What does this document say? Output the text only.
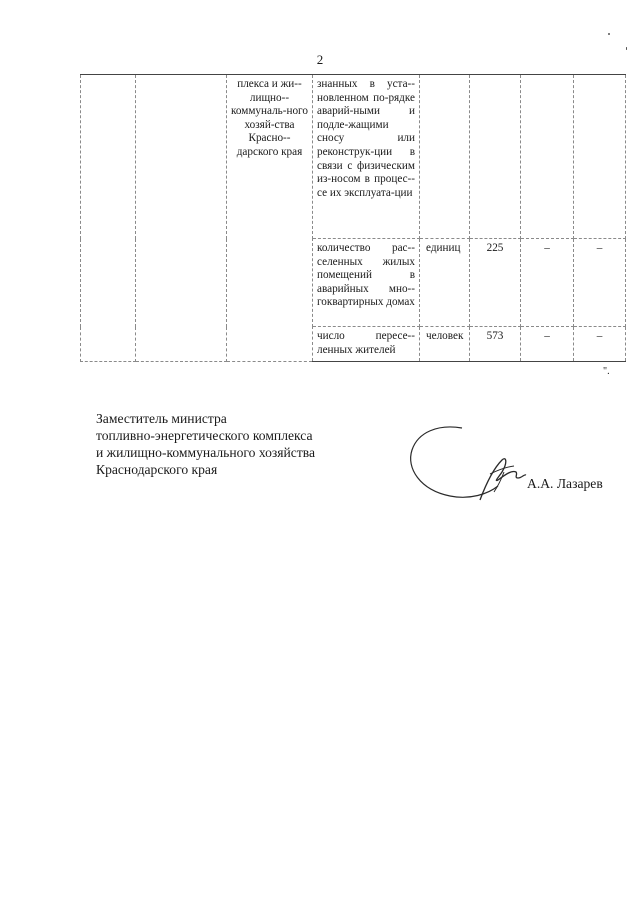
2
		плекса и жи-лищно-коммуналь-ного хозяй-ства Красно-дарского края	знанных в уста-новленном по-рядке аварий-ными и подле-жащими сносу или реконструк-ции в связи с физическим из-носом в процес-се их эксплуата-ции				
			количество рас-селенных жилых помещений в аварийных мно-гоквартирных домах	единиц	225	–	–
			число пересе-ленных жителей	человек	573	–	–
".
Заместитель министра
топливно-энергетического комплекса
и жилищно-коммунального хозяйства
Краснодарского края
А.А. Лазарев
